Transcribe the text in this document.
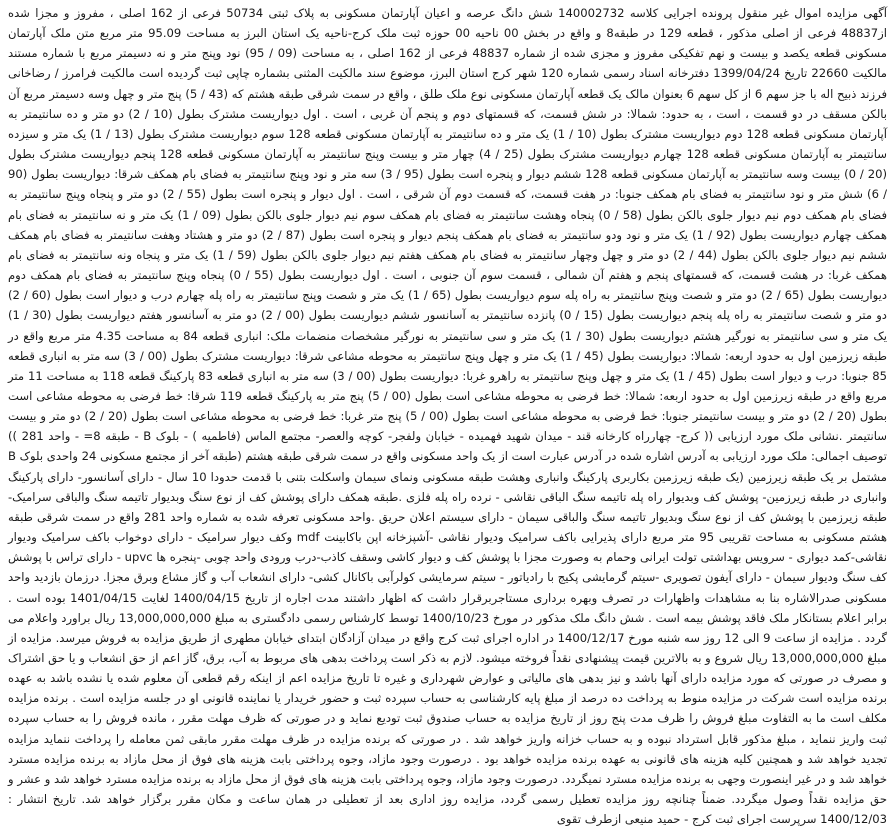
آگهی مزایده اموال غیر منقول پرونده اجرایی کلاسه 140002732 شش دانگ عرصه و اعیان آپارتمان مسکونی به پلاک ثبتی 50734 فرعی از 162 اصلی ، مفروز و مجزا شده از48837 فرعی از اصلی مذکور ، قطعه 129 در طبقه8 و واقع در بخش 00 ناحیه 00 حوزه ثبت ملک کرج-ناحیه یک استان البرز به مساحت 95.09 متر مربع متن ملک آپارتمان مسکونی قطعه یکصد و بیست و نهم تفکیکی مفروز و مجزی شده از شماره 48837 فرعی از 162 اصلی ، به مساحت (09 / 95) نود وپنج متر و نه دسیمتر مربع با شماره مستند مالکیت 22660 تاریخ 1399/04/24 دفترخانه اسناد رسمی شماره 120 شهر کرج استان البرز، موضوع سند مالکیت المثنی بشماره چاپی ثبت گردیده است مالکیت فرامرز / رضاخانی فرزند ذبیح اله با جز سهم 6 از کل سهم 6 بعنوان مالک یک قطعه آپارتمان مسکونی نوع ملک طلق ، واقع در سمت شرقی طبقه هشتم که (43 / 5) پنج متر و چهل وسه دسیمتر مربع آن بالکن مسقف در دو قسمت ، است ، به حدود: شمالا: در شش قسمت، که قسمتهای دوم و پنجم آن غربی ، است . اول دیواریست مشترک بطول (10 / 2) دو متر و ده سانتیمتر به آپارتمان مسکونی قطعه 128 دوم دیواریست مشترک بطول (10 / 1) یک متر و ده سانتیمتر به آپارتمان مسکونی قطعه 128 سوم دیواریست مشترک بطول (13 / 1) یک متر و سیزده سانتیمتر به آپارتمان مسکونی قطعه 128 چهارم دیواریست مشترک بطول (25 / 4) چهار متر و بیست وپنج سانتیمتر به آپارتمان مسکونی قطعه 128 پنجم دیواریست مشترک بطول (20 / 0) بیست وسه سانتیمتر به آپارتمان مسکونی قطعه 128 ششم دیوار و پنجره است بطول (95 / 3) سه متر و نود وپنج سانتیمتر به فضای بام همکف شرقا: دیواریست بطول (90 / 6) شش متر و نود سانتیمتر به فضای بام همکف جنوبا: در هفت قسمت، که قسمت دوم آن شرقی ، است . اول دیوار و پنجره است بطول (55 / 2) دو متر و پنجاه وپنج سانتیمتر به فضای بام همکف دوم نیم دیوار جلوی بالکن بطول (58 / 0) پنجاه وهشت سانتیمتر به فضای بام همکف سوم نیم دیوار جلوی بالکن بطول (09 / 1) یک متر و نه سانتیمتر به فضای بام همکف چهارم دیواریست بطول (92 / 1) یک متر و نود ودو سانتیمتر به فضای بام همکف پنجم دیوار و پنجره است بطول (87 / 2) دو متر و هشتاد وهفت سانتیمتر به فضای بام همکف ششم نیم دیوار جلوی بالکن بطول (44 / 2) دو متر و چهل وچهار سانتیمتر به فضای بام همکف هفتم نیم دیوار جلوی بالکن بطول (59 / 1) یک متر و پنجاه ونه سانتیمتر به فضای بام همکف غربا: در هشت قسمت، که قسمتهای پنجم و هفتم آن شمالی ، قسمت سوم آن جنوبی ، است . اول دیواریست بطول (55 / 0) پنجاه وپنج سانتیمتر به فضای بام همکف دوم دیواریست بطول (65 / 2) دو متر و شصت وپنج سانتیمتر به راه پله سوم دیواریست بطول (65 / 1) یک متر و شصت وپنج سانتیمتر به راه پله چهارم درب و دیوار است بطول (60 / 2) دو متر و شصت سانتیمتر به راه پله پنجم دیواریست بطول (15 / 0) پانزده سانتیمتر به آسانسور ششم دیواریست بطول (00 / 2) دو متر به آسانسور هفتم دیواریست بطول (30 / 1) یک متر و سی سانتیمتر به نورگیر هشتم دیواریست بطول (30 / 1) یک متر و سی سانتیمتر به نورگیر مشخصات منضمات ملک: انباری قطعه 84 به مساحت 4.35 متر مربع واقع در طبقه زیرزمین اول به حدود اربعه: شمالا: دیواریست بطول (45 / 1) یک متر و چهل وپنج سانتیمتر به محوطه مشاعی شرقا: دیواریست مشترک بطول (00 / 3) سه متر به انباری قطعه 85 جنوبا: درب و دیوار است بطول (45 / 1) یک متر و چهل وپنج سانتیمتر به راهرو غربا: دیواریست بطول (00 / 3) سه متر به انباری قطعه 83 پارکینگ قطعه 118 به مساحت 11 متر مربع واقع در طبقه زیرزمین اول به حدود اربعه: شمالا: خط فرضی به محوطه مشاعی است بطول (00 / 5) پنج متر به پارکینگ قطعه 119 شرقا: خط فرضی به محوطه مشاعی است بطول (20 / 2) دو متر و بیست سانتیمتر جنوبا: خط فرضی به محوطه مشاعی است بطول (00 / 5) پنج متر غربا: خط فرضی به محوطه مشاعی است بطول (20 / 2) دو متر و بیست سانتیمتر .نشانی ملک مورد ارزیابی (( کرج- چهارراه کارخانه قند - میدان شهید فهمیده - خیابان ولفجر- کوچه والعصر- مجتمع الماس (فاطمیه ) - بلوک B - طبقه 8= - واحد 281 )) توصیف اجمالی: ملک مورد ارزیابی به آدرس اشاره شده در آدرس عبارت است از یک واحد مسکونی واقع در سمت شرقی طبقه هشتم (طبقه آخر از مجتمع مسکونی 24 واحدی بلوک B مشتمل بر یک طبقه زیرزمین (یک طبقه زیرزمین بکاربری پارکینگ وانباری وهشت طبقه مسکونی ونمای سیمان واسکلت بتنی با قدمت حدودا 10 سال - دارای آسانسور- دارای پارکینگ وانباری در طبقه زیرزمین- پوشش کف وبدیوار راه پله تاتیمه سنگ الباقی نقاشی - نرده راه پله فلزی .طبقه همکف دارای پوشش کف از نوع سنگ وبدیوار تاتیمه سنگ والباقی سرامیک- طبقه زیرزمین با پوشش کف از نوع سنگ وبدیوار تاتیمه سنگ والباقی سیمان - دارای سیستم اعلان حریق .واحد مسکونی تعرفه شده به شماره واحد 281 واقع در سمت شرقی طبقه هشتم مسکونی به مساحت تقریبی 95 متر مربع دارای پذیرایی باکف سرامیک ودیوار نقاشی -آشپزخانه اپن باکابینت mdf وکف دیوار سرامیک - دارای دوخواب باکف سرامیک ودیوار نقاشی-کمد دیواری - سرویس بهداشتی تولت ایرانی وحمام به وصورت مجزا با پوشش کف و دیوار کاشی وسقف کاذب-درب ورودی واحد چوبی -پنجره ها upvc - دارای تراس با پوشش کف سنگ ودیوار سیمان - دارای آیفون تصویری -سیتم گرمایشی پکیج با رادیاتور - سیتم سرمایشی کولرآبی باکانال کشی- دارای انشعاب آب و گاز مشاع وبرق مجزا. درزمان بازدید واحد مسکونی صدرالاشاره بنا به مشاهدات واظهارات در تصرف وبهره برداری مستاجربرقرار داشت که اظهار داشتند مدت اجاره از تاریخ 1400/04/15 لغایت 1401/04/15 بوده است . برابر اعلام بستانکار ملک فاقد پوشش بیمه است . شش دانگ ملک مذکور در مورخ 1400/10/23 توسط کارشناس رسمی دادگستری به مبلغ 13,000,000,000 ریال براورد واعلام می گردد . مزایده از ساعت 9 الی 12 روز سه شنبه مورخ 1400/12/17 در اداره اجرای ثبت کرج واقع در میدان آزادگان ابتدای خیابان مطهری از طریق مزایده به فروش میرسد. مزایده از مبلغ 13,000,000,000 ریال شروع و به بالاترین قیمت پیشنهادی نقداً فروخته میشود. لازم به ذکر است پرداخت بدهی های مربوط به آب، برق، گاز اعم از حق انشعاب و یا حق اشتراک و مصرف در صورتی که مورد مزایده دارای آنها باشد و نیز بدهی های مالیاتی و عوارض شهرداری و غیره تا تاریخ مزایده اعم از اینکه رقم قطعی آن معلوم شده یا نشده باشد به عهده برنده مزایده است شرکت در مزایده منوط به پرداخت ده درصد از مبلغ پایه کارشناسی به حساب سپرده ثبت و حضور خریدار یا نماینده قانونی او در جلسه مزایده است . برنده مزایده مکلف است ما به التفاوت مبلغ فروش را ظرف مدت پنج روز از تاریخ مزایده به حساب صندوق ثبت تودیع نماید و در صورتی که ظرف مهلت مقرر ، مانده فروش را به حساب سپرده ثبت واریز ننماید ، مبلغ مذکور قابل استرداد نبوده و به حساب خزانه واریز خواهد شد . در صورتی که برنده مزایده در ظرف مهلت مقرر مابقی ثمن معامله را پرداخت ننماید مزایده تجدید خواهد شد و همچنین کلیه هزینه های قانونی به عهده برنده مزایده خواهد بود . درصورت وجود مازاد، وجوه پرداختی بابت هزینه های فوق از محل مازاد به برنده مزایده مسترد خواهد شد و در غیر اینصورت وجهی به برنده مزایده مسترد نمیگردد. درصورت وجود مازاد، وجوه پرداختی بابت هزینه های فوق از محل مازاد به برنده مزایده مسترد خواهد شد و عشر و حق مزایده نقداً وصول میگردد. ضمناً چنانچه روز مزایده تعطیل رسمی گردد، مزایده روز اداری بعد از تعطیلی در همان ساعت و مکان مقرر برگزار خواهد شد. تاریخ انتشار : 1400/12/03 سرپرست اجرای ثبت کرج - حمید منیعی ازطرف تقوی
